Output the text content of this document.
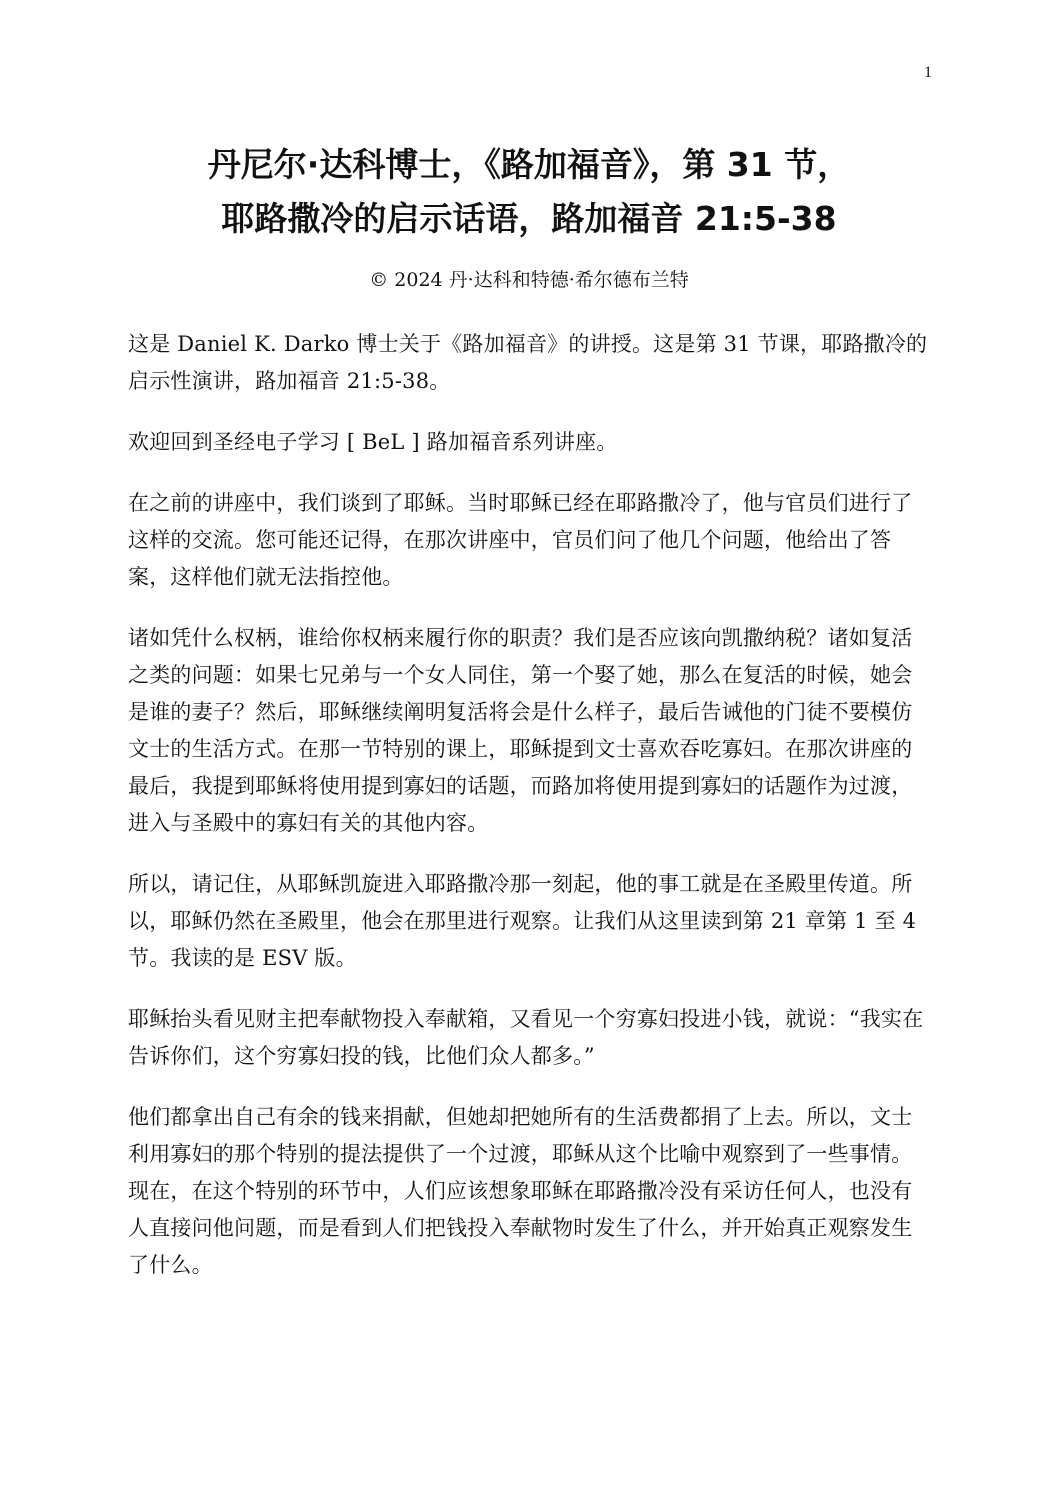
1
丹尼尔·达科博士，《路加福音》，第 31 节，
耶路撒冷的启示话语，路加福音 21:5-38
© 2024 丹·达科和特德·希尔德布兰特

这是 Daniel K. Darko 博士关于《路加福音》的讲授。这是第 31 节课，耶路撒冷的启示性演讲，路加福音 21:5-38。

欢迎回到圣经电子学习 [ BeL ] 路加福音系列讲座。

在之前的讲座中，我们谈到了耶稣。当时耶稣已经在耶路撒冷了，他与官员们进行了这样的交流。您可能还记得，在那次讲座中，官员们问了他几个问题，他给出了答案，这样他们就无法指控他。

诸如凭什么权柄，谁给你权柄来履行你的职责？我们是否应该向凯撒纳税？诸如复活之类的问题：如果七兄弟与一个女人同住，第一个娶了她，那么在复活的时候，她会是谁的妻子？然后，耶稣继续阐明复活将会是什么样子，最后告诫他的门徒不要模仿文士的生活方式。在那一节特别的课上，耶稣提到文士喜欢吞吃寡妇。在那次讲座的最后，我提到耶稣将使用提到寡妇的话题，而路加将使用提到寡妇的话题作为过渡，进入与圣殿中的寡妇有关的其他内容。

所以，请记住，从耶稣凯旋进入耶路撒冷那一刻起，他的事工就是在圣殿里传道。所以，耶稣仍然在圣殿里，他会在那里进行观察。让我们从这里读到第 21 章第 1 至 4 节。我读的是 ESV 版。

耶稣抬头看见财主把奉献物投入奉献箱，又看见一个穷寡妇投进小钱，就说：“我实在告诉你们，这个穷寡妇投的钱，比他们众人都多。”

他们都拿出自己有余的钱来捐献，但她却把她所有的生活费都捐了上去。所以，文士利用寡妇的那个特别的提法提供了一个过渡，耶稣从这个比喻中观察到了一些事情。现在，在这个特别的环节中，人们应该想象耶稣在耶路撒冷没有采访任何人，也没有人直接问他问题，而是看到人们把钱投入奉献物时发生了什么，并开始真正观察发生了什么。
